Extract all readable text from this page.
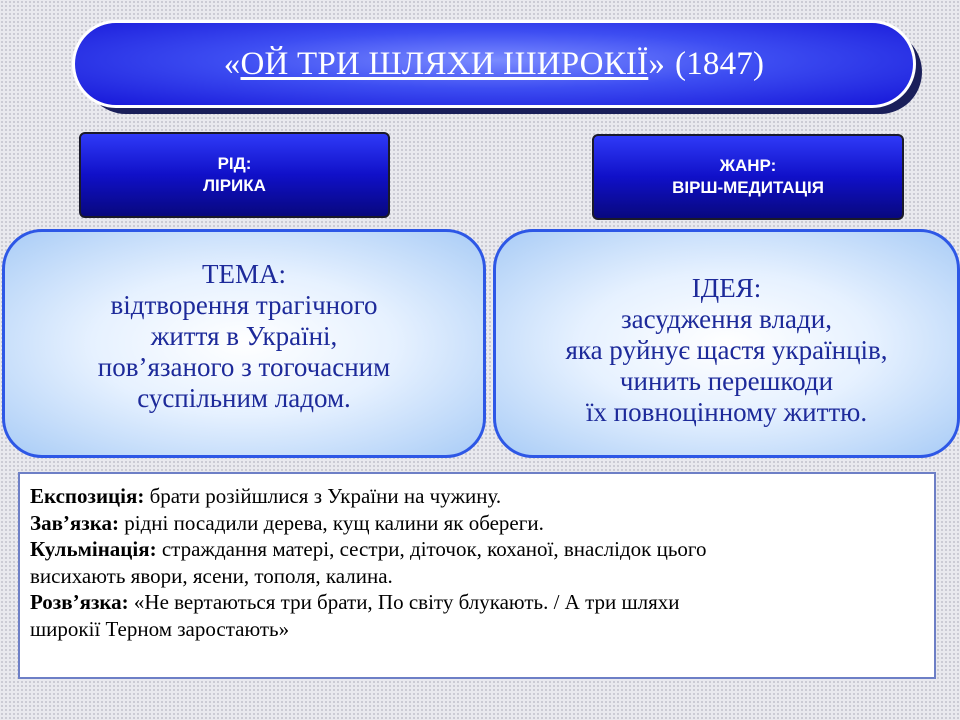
« ОЙ ТРИ ШЛЯХИ ШИРОКІЇ » (1847)
РІД:
ЛІРИКА
ЖАНР:
ВІРШ-МЕДИТАЦІЯ
ТЕМА:
відтворення трагічного
життя в Україні,
пов’язаного з тогочасним
суспільним ладом.
ІДЕЯ:
засудження влади,
яка руйнує щастя українців,
чинить перешкоди
їх повноцінному життю.
Експозиція: брати розійшлися з України на чужину.
Зав’язка: рідні посадили дерева, кущ калини як обереги.
Кульмінація: страждання матері, сестри, діточок, коханої, внаслідок цього
висихають явори, ясени, тополя, калина.
Розв’язка: «Не вертаються три брати, По світу блукають. / А три шляхи
широкії Терном заростають»
